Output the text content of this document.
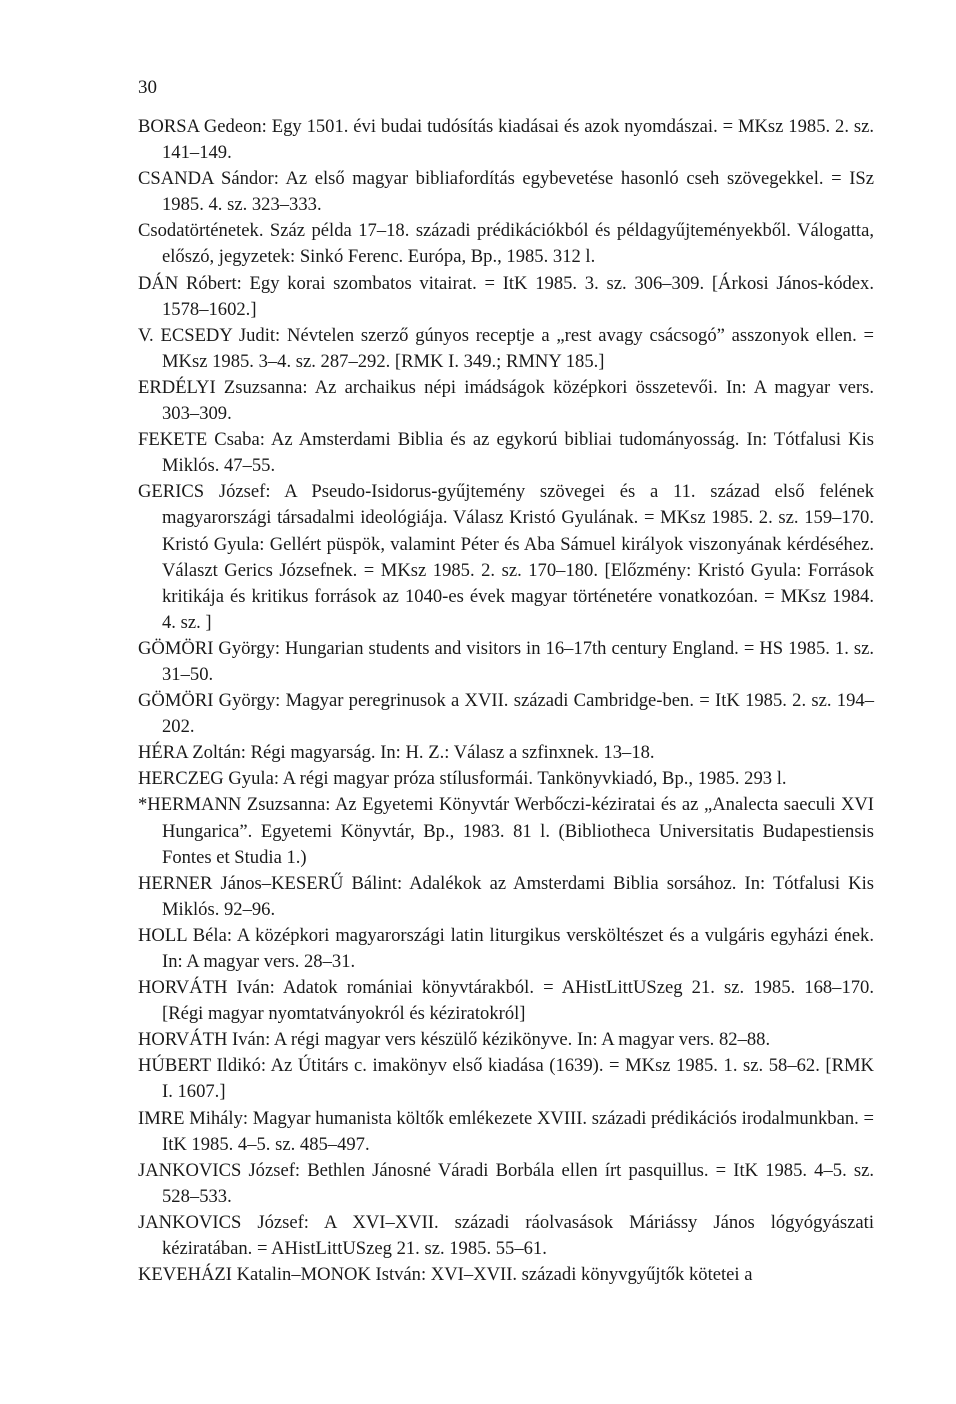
30
BORSA Gedeon: Egy 1501. évi budai tudósítás kiadásai és azok nyomdászai. = MKsz 1985. 2. sz. 141–149.
CSANDA Sándor: Az első magyar bibliafordítás egybevetése hasonló cseh szövegekkel. = ISz 1985. 4. sz. 323–333.
Csodatörténetek. Száz példa 17–18. századi prédikációkból és példagyűjteményekből. Válogatta, előszó, jegyzetek: Sinkó Ferenc. Európa, Bp., 1985. 312 l.
DÁN Róbert: Egy korai szombatos vitairat. = ItK 1985. 3. sz. 306–309. [Árkosi János-kódex. 1578–1602.]
V. ECSEDY Judit: Névtelen szerző gúnyos receptje a „rest avagy csácsogó” asszonyok ellen. = MKsz 1985. 3–4. sz. 287–292. [RMK I. 349.; RMNY 185.]
ERDÉLYI Zsuzsanna: Az archaikus népi imádságok középkori összetevői. In: A magyar vers. 303–309.
FEKETE Csaba: Az Amsterdami Biblia és az egykorú bibliai tudományosság. In: Tótfalusi Kis Miklós. 47–55.
GERICS József: A Pseudo-Isidorus-gyűjtemény szövegei és a 11. század első felének magyarországi társadalmi ideológiája. Válasz Kristó Gyulának. = MKsz 1985. 2. sz. 159–170. Kristó Gyula: Gellért püspök, valamint Péter és Aba Sámuel királyok viszonyának kérdéséhez. Választ Gerics Józsefnek. = MKsz 1985. 2. sz. 170–180. [Előzmény: Kristó Gyula: Források kritikája és kritikus források az 1040-es évek magyar történetére vonatkozóan. = MKsz 1984. 4. sz. ]
GÖMÖRI György: Hungarian students and visitors in 16–17th century England. = HS 1985. 1. sz. 31–50.
GÖMÖRI György: Magyar peregrinusok a XVII. századi Cambridge-ben. = ItK 1985. 2. sz. 194–202.
HÉRA Zoltán: Régi magyarság. In: H. Z.: Válasz a szfinxnek. 13–18.
HERCZEG Gyula: A régi magyar próza stílusformái. Tankönyvkiadó, Bp., 1985. 293 l.
*HERMANN Zsuzsanna: Az Egyetemi Könyvtár Werbőczi-kéziratai és az „Analecta saeculi XVI Hungarica”. Egyetemi Könyvtár, Bp., 1983. 81 l. (Bibliotheca Universitatis Budapestiensis Fontes et Studia 1.)
HERNER János–KESERŰ Bálint: Adalékok az Amsterdami Biblia sorsához. In: Tótfalusi Kis Miklós. 92–96.
HOLL Béla: A középkori magyarországi latin liturgikus versköltészet és a vulgáris egyházi ének. In: A magyar vers. 28–31.
HORVÁTH Iván: Adatok romániai könyvtárakból. = AHistLittUSzeg 21. sz. 1985. 168–170. [Régi magyar nyomtatványokról és kéziratokról]
HORVÁTH Iván: A régi magyar vers készülő kézikönyve. In: A magyar vers. 82–88.
HÚBERT Ildikó: Az Útitárs c. imakönyv első kiadása (1639). = MKsz 1985. 1. sz. 58–62. [RMK I. 1607.]
IMRE Mihály: Magyar humanista költők emlékezete XVIII. századi prédikációs irodalmunkban. = ItK 1985. 4–5. sz. 485–497.
JANKOVICS József: Bethlen Jánosné Váradi Borbála ellen írt pasquillus. = ItK 1985. 4–5. sz. 528–533.
JANKOVICS József: A XVI–XVII. századi ráolvasások Máriássy János lógyógyászati kéziratában. = AHistLittUSzeg 21. sz. 1985. 55–61.
KEVEHÁZI Katalin–MONOK István: XVI–XVII. századi könyvgyűjtők kötetei a
